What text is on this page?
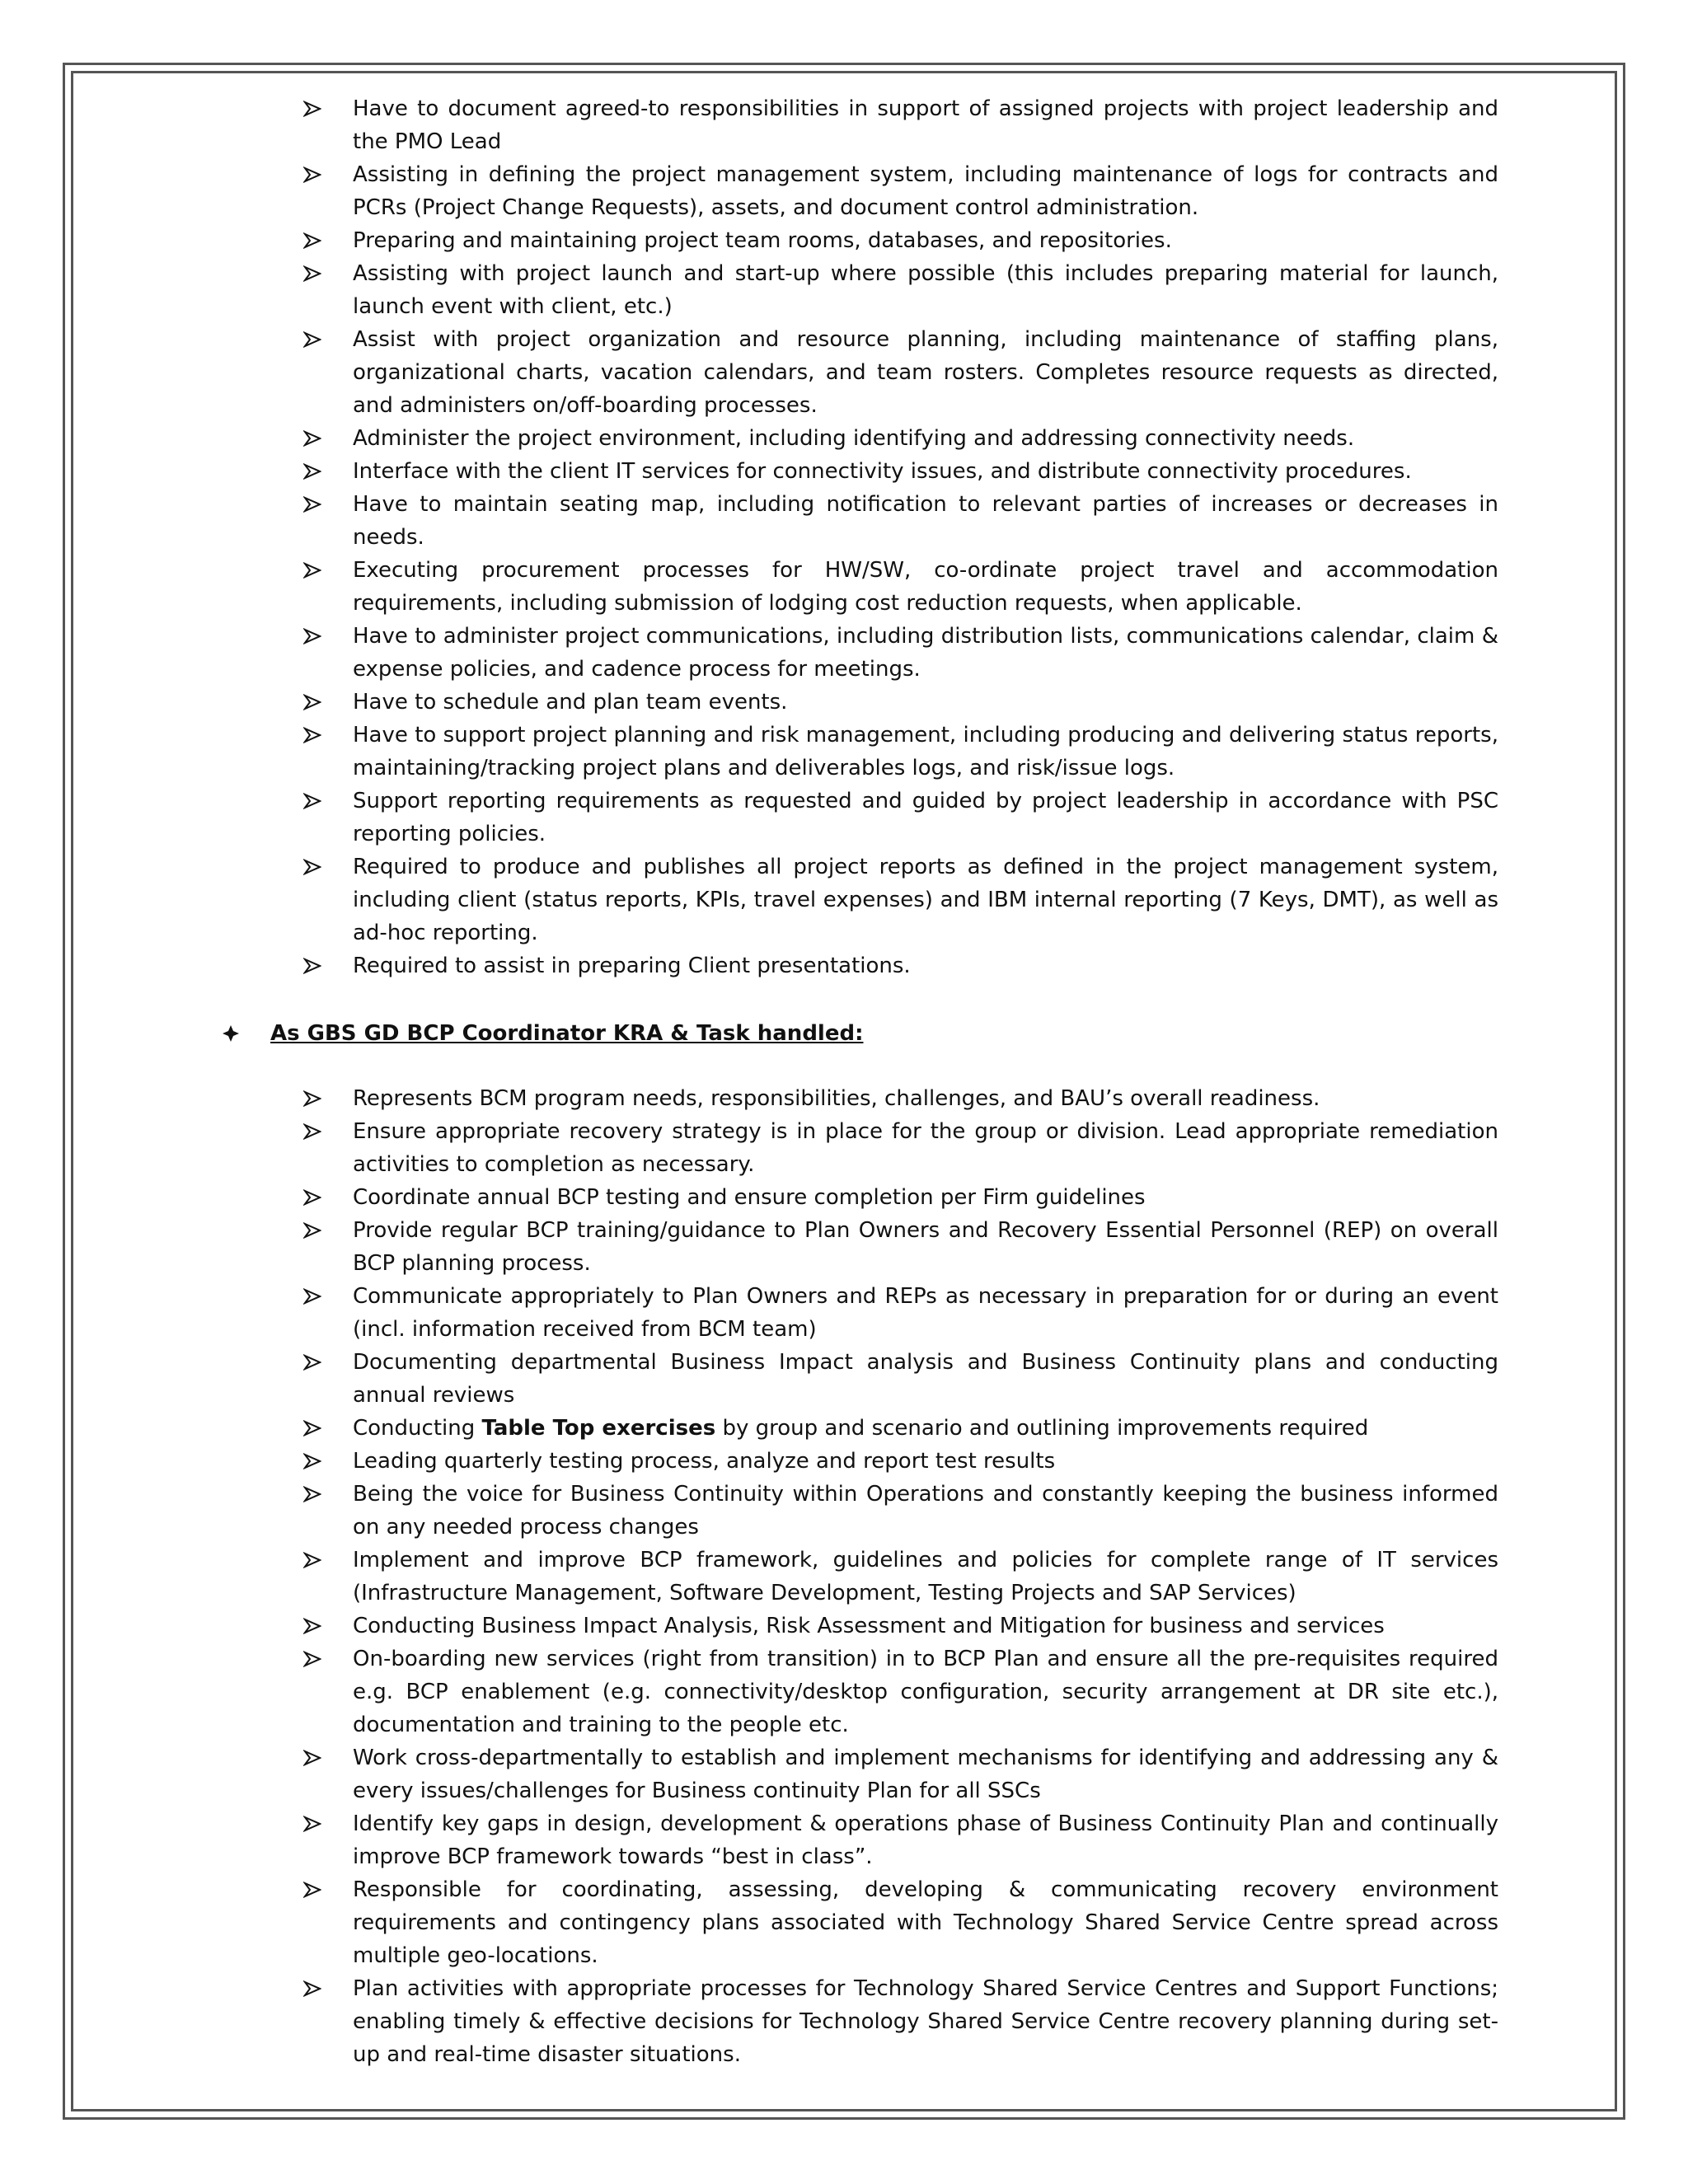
Have to document agreed-to responsibilities in support of assigned projects with project leadership and the PMO Lead
Assisting in defining the project management system, including maintenance of logs for contracts and PCRs (Project Change Requests), assets, and document control administration.
Preparing and maintaining project team rooms, databases, and repositories.
Assisting with project launch and start-up where possible (this includes preparing material for launch, launch event with client, etc.)
Assist with project organization and resource planning, including maintenance of staffing plans, organizational charts, vacation calendars, and team rosters. Completes resource requests as directed, and administers on/off-boarding processes.
Administer the project environment, including identifying and addressing connectivity needs.
Interface with the client IT services for connectivity issues, and distribute connectivity procedures.
Have to maintain seating map, including notification to relevant parties of increases or decreases in needs.
Executing procurement processes for HW/SW, co-ordinate project travel and accommodation requirements, including submission of lodging cost reduction requests, when applicable.
Have to administer project communications, including distribution lists, communications calendar, claim & expense policies, and cadence process for meetings.
Have to schedule and plan team events.
Have to support project planning and risk management, including producing and delivering status reports, maintaining/tracking project plans and deliverables logs, and risk/issue logs.
Support reporting requirements as requested and guided by project leadership in accordance with PSC reporting policies.
Required to produce and publishes all project reports as defined in the project management system, including client (status reports, KPIs, travel expenses) and IBM internal reporting (7 Keys, DMT), as well as ad-hoc reporting.
Required to assist in preparing Client presentations.
As GBS GD BCP Coordinator KRA & Task handled:
Represents BCM program needs, responsibilities, challenges, and BAU’s overall readiness.
Ensure appropriate recovery strategy is in place for the group or division. Lead appropriate remediation activities to completion as necessary.
Coordinate annual BCP testing and ensure completion per Firm guidelines
Provide regular BCP training/guidance to Plan Owners and Recovery Essential Personnel (REP) on overall BCP planning process.
Communicate appropriately to Plan Owners and REPs as necessary in preparation for or during an event (incl. information received from BCM team)
Documenting departmental Business Impact analysis and Business Continuity plans and conducting annual reviews
Conducting Table Top exercises by group and scenario and outlining improvements required
Leading quarterly testing process, analyze and report test results
Being the voice for Business Continuity within Operations and constantly keeping the business informed on any needed process changes
Implement and improve BCP framework, guidelines and policies for complete range of IT services (Infrastructure Management, Software Development, Testing Projects and SAP Services)
Conducting Business Impact Analysis, Risk Assessment and Mitigation for business and services
On-boarding new services (right from transition) in to BCP Plan and ensure all the pre-requisites required e.g. BCP enablement (e.g. connectivity/desktop configuration, security arrangement at DR site etc.), documentation and training to the people etc.
Work cross-departmentally to establish and implement mechanisms for identifying and addressing any & every issues/challenges for Business continuity Plan for all SSCs
Identify key gaps in design, development & operations phase of Business Continuity Plan and continually improve BCP framework towards “best in class”.
Responsible for coordinating, assessing, developing & communicating recovery environment requirements and contingency plans associated with Technology Shared Service Centre spread across multiple geo-locations.
Plan activities with appropriate processes for Technology Shared Service Centres and Support Functions; enabling timely & effective decisions for Technology Shared Service Centre recovery planning during set-up and real-time disaster situations.
